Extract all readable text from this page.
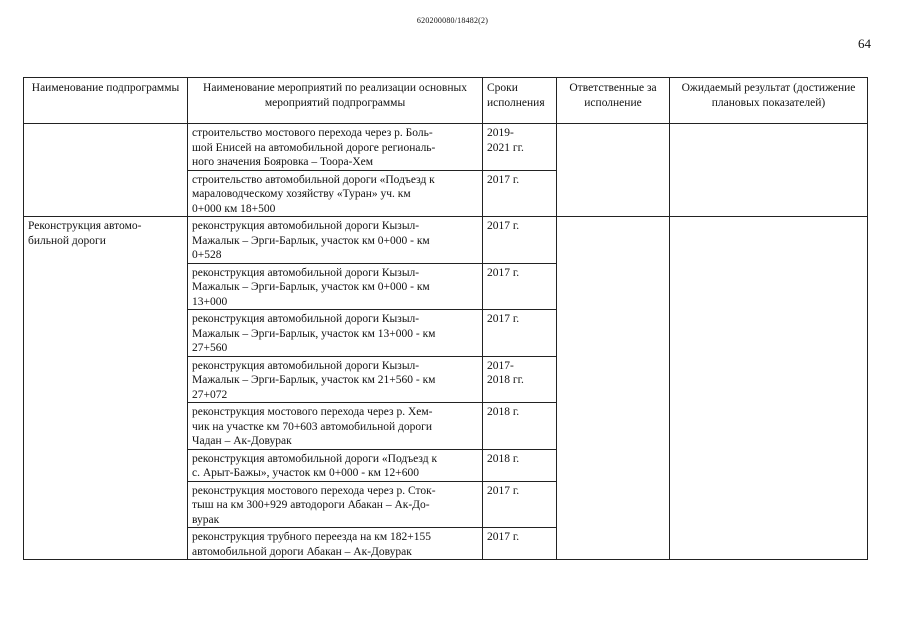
620200080/18482(2)
64
Наименование подпрограммы	Наименование мероприятий по реализации основных мероприятий подпрограммы	Сроки исполнения	Ответственные за исполнение	Ожидаемый результат (достижение плановых показателей)
	строительство мостового перехода через р. Боль-
шой Енисей на автомобильной дороге региональ-
ного значения Бояровка – Тоора-Хем	2019-
2021 гг.		
	строительство автомобильной дороги «Подъезд к
мараловодческому хозяйству «Туран» уч. км
0+000 км 18+500	2017 г.		
Реконструкция автомо-
бильной дороги	реконструкция автомобильной дороги Кызыл-
Мажалык – Эрги-Барлык, участок км 0+000 - км
0+528	2017 г.		
	реконструкция автомобильной дороги Кызыл-
Мажалык – Эрги-Барлык, участок км 0+000 - км
13+000	2017 г.		
	реконструкция автомобильной дороги Кызыл-
Мажалык – Эрги-Барлык, участок км 13+000 - км
27+560	2017 г.		
	реконструкция автомобильной дороги Кызыл-
Мажалык – Эрги-Барлык, участок км 21+560 - км
27+072	2017-
2018 гг.		
	реконструкция мостового перехода через р. Хем-
чик на участке км 70+603 автомобильной дороги
Чадан – Ак-Довурак	2018 г.		
	реконструкция автомобильной дороги «Подъезд к
с. Арыт-Бажы», участок км 0+000 - км 12+600	2018 г.		
	реконструкция мостового перехода через р. Сток-
тыш на км 300+929 автодороги Абакан – Ак-До-
вурак	2017 г.		
	реконструкция трубного переезда на км 182+155
автомобильной дороги Абакан – Ак-Довурак	2017 г.		
